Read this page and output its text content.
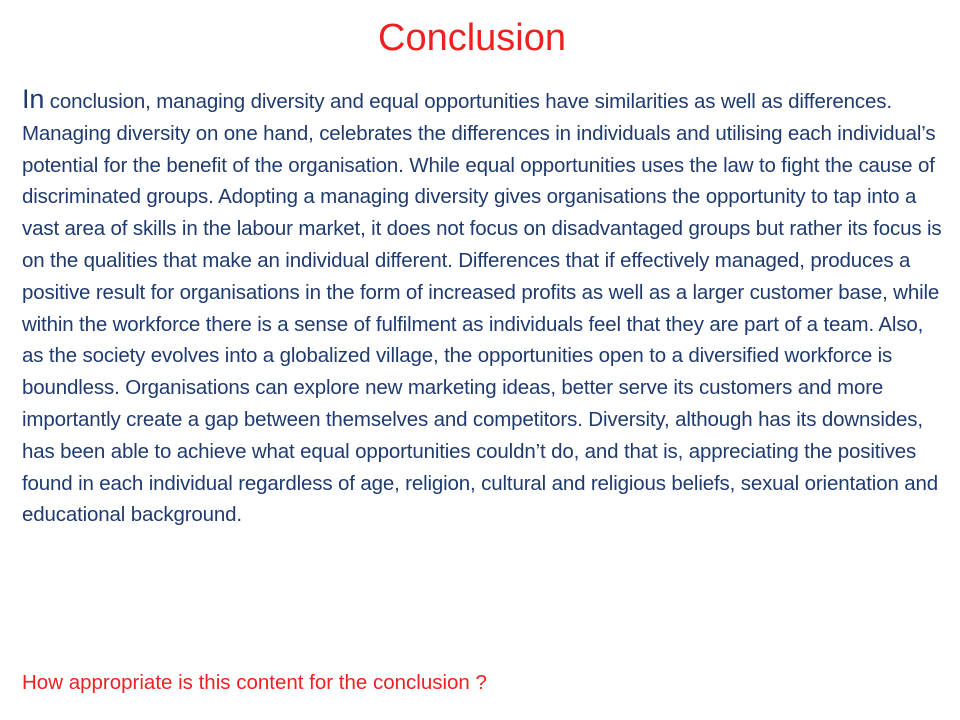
Conclusion

In conclusion, managing diversity and equal opportunities have similarities as well as differences. Managing diversity on one hand, celebrates the differences in individuals and utilising each individual’s potential for the benefit of the organisation. While equal opportunities uses the law to fight the cause of discriminated groups. Adopting a managing diversity gives organisations the opportunity to tap into a vast area of skills in the labour market, it does not focus on disadvantaged groups but rather its focus is on the qualities that make an individual different. Differences that if effectively managed, produces a positive result for organisations in the form of increased profits as well as a larger customer base, while within the workforce there is a sense of fulfilment as individuals feel that they are part of a team. Also, as the society evolves into a globalized village, the opportunities open to a diversified workforce is boundless. Organisations can explore new marketing ideas, better serve its customers and more importantly create a gap between themselves and competitors. Diversity, although has its downsides, has been able to achieve what equal opportunities couldn’t do, and that is, appreciating the positives found in each individual regardless of age, religion, cultural and religious beliefs, sexual orientation and educational background.

How appropriate is this content for the conclusion ?
